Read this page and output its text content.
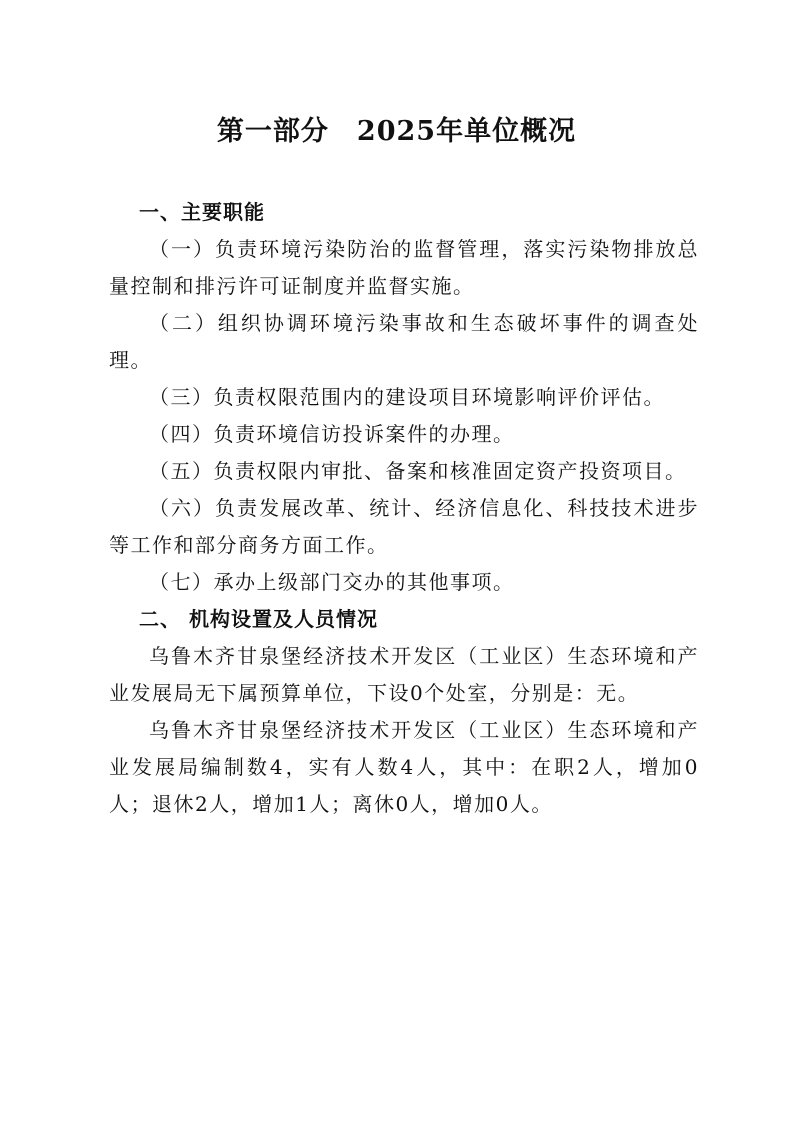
第一部分　2025年单位概况
一、主要职能

（一）负责环境污染防治的监督管理，落实污染物排放总量控制和排污许可证制度并监督实施。

（二）组织协调环境污染事故和生态破坏事件的调查处理。

（三）负责权限范围内的建设项目环境影响评价评估。

（四）负责环境信访投诉案件的办理。

（五）负责权限内审批、备案和核准固定资产投资项目。

（六）负责发展改革、统计、经济信息化、科技技术进步等工作和部分商务方面工作。

（七）承办上级部门交办的其他事项。

二、 机构设置及人员情况

乌鲁木齐甘泉堡经济技术开发区（工业区）生态环境和产业发展局无下属预算单位，下设0个处室，分别是：无。

乌鲁木齐甘泉堡经济技术开发区（工业区）生态环境和产业发展局编制数4，实有人数4人，其中：在职2人，增加0人；退休2人，增加1人；离休0人，增加0人。
